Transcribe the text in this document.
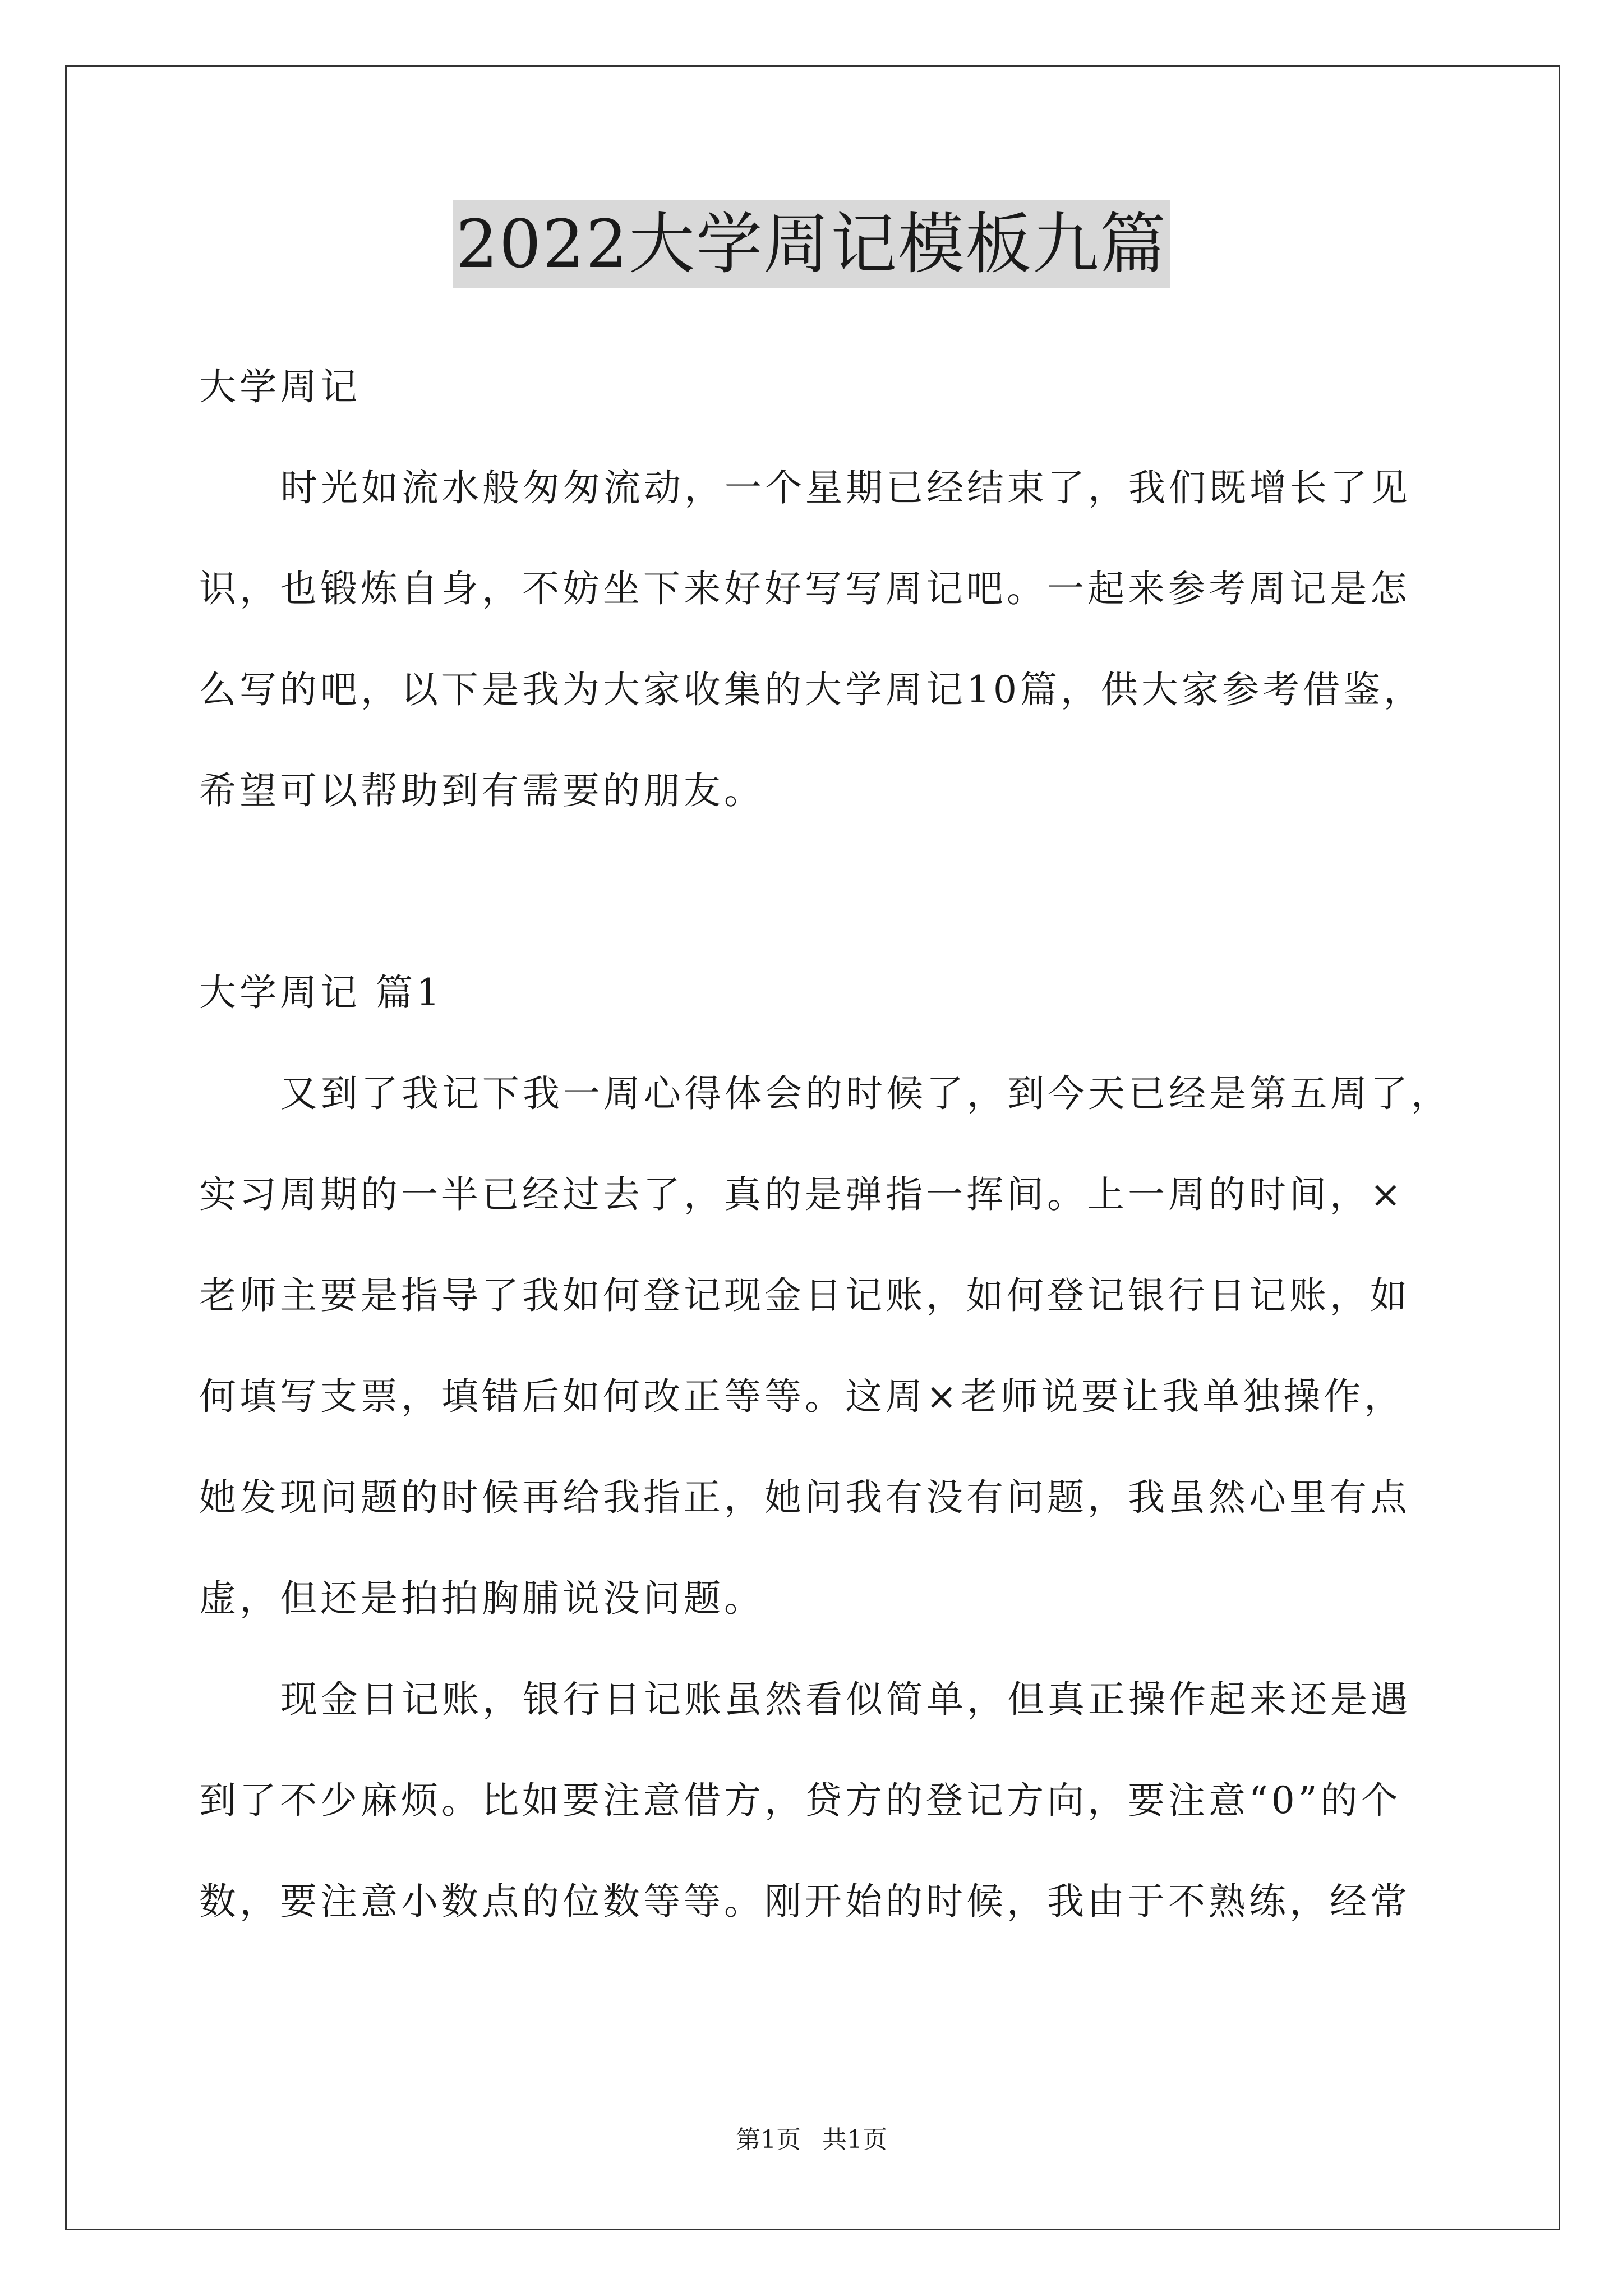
2022大学周记模板九篇
大学周记
时光如流水般匆匆流动，一个星期已经结束了，我们既增长了见
识，也锻炼自身，不妨坐下来好好写写周记吧。一起来参考周记是怎
么写的吧，以下是我为大家收集的大学周记10篇，供大家参考借鉴，
希望可以帮助到有需要的朋友。
大学周记 篇1
又到了我记下我一周心得体会的时候了，到今天已经是第五周了，
实习周期的一半已经过去了，真的是弹指一挥间。上一周的时间，×
老师主要是指导了我如何登记现金日记账，如何登记银行日记账，如
何填写支票，填错后如何改正等等。这周×老师说要让我单独操作，
她发现问题的时候再给我指正，她问我有没有问题，我虽然心里有点
虚，但还是拍拍胸脯说没问题。
现金日记账，银行日记账虽然看似简单，但真正操作起来还是遇
到了不少麻烦。比如要注意借方，贷方的登记方向，要注意“0”的个
数，要注意小数点的位数等等。刚开始的时候，我由于不熟练，经常
第1页 共1页
